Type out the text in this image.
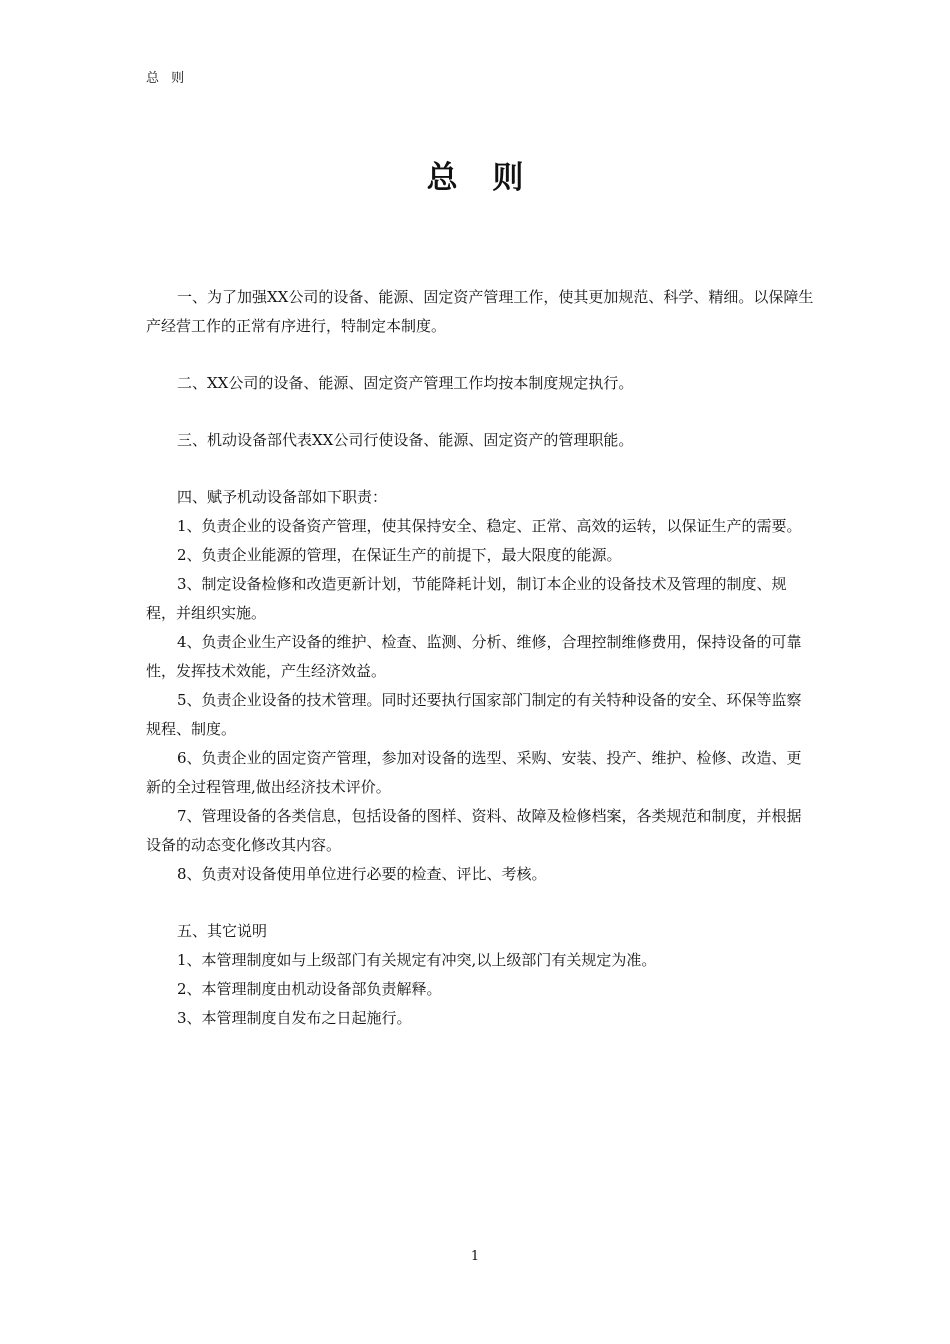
总 则
总 则

一、为了加强XX公司的设备、能源、固定资产管理工作，使其更加规范、科学、精细。以保障生产经营工作的正常有序进行，特制定本制度。

二、XX公司的设备、能源、固定资产管理工作均按本制度规定执行。

三、机动设备部代表XX公司行使设备、能源、固定资产的管理职能。

四、赋予机动设备部如下职责：

1、负责企业的设备资产管理，使其保持安全、稳定、正常、高效的运转，以保证生产的需要。

2、负责企业能源的管理，在保证生产的前提下，最大限度的能源。

3、制定设备检修和改造更新计划，节能降耗计划，制订本企业的设备技术及管理的制度、规程，并组织实施。

4、负责企业生产设备的维护、检查、监测、分析、维修，合理控制维修费用，保持设备的可靠性，发挥技术效能，产生经济效益。

5、负责企业设备的技术管理。同时还要执行国家部门制定的有关特种设备的安全、环保等监察规程、制度。

6、负责企业的固定资产管理，参加对设备的选型、采购、安装、投产、维护、检修、改造、更新的全过程管理,做出经济技术评价。

7、管理设备的各类信息，包括设备的图样、资料、故障及检修档案，各类规范和制度，并根据设备的动态变化修改其内容。

8、负责对设备使用单位进行必要的检查、评比、考核。

五、其它说明

1、本管理制度如与上级部门有关规定有冲突,以上级部门有关规定为准。

2、本管理制度由机动设备部负责解释。

3、本管理制度自发布之日起施行。

1
